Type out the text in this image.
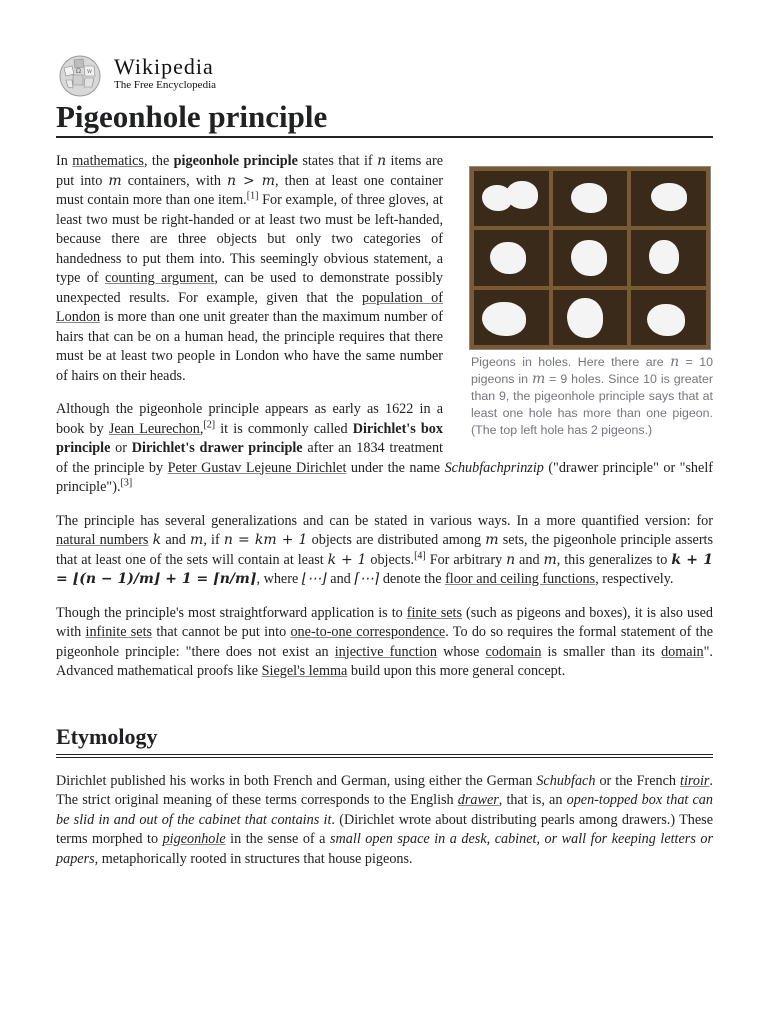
Ω W Wikipedia
The Free Encyclopedia
Pigeonhole principle
Pigeons in holes. Here there are n = 10 pigeons in m = 9 holes. Since 10 is greater than 9, the pigeonhole principle says that at least one hole has more than one pigeon. (The top left hole has 2 pigeons.)

In mathematics, the pigeonhole principle states that if n items are put into m containers, with n > m, then at least one container must contain more than one item.[1] For example, of three gloves, at least two must be right-handed or at least two must be left-handed, because there are three objects but only two categories of handedness to put them into. This seemingly obvious statement, a type of counting argument, can be used to demonstrate possibly unexpected results. For example, given that the population of London is more than one unit greater than the maximum number of hairs that can be on a human head, the principle requires that there must be at least two people in London who have the same number of hairs on their heads.

Although the pigeonhole principle appears as early as 1622 in a book by Jean Leurechon,[2] it is commonly called Dirichlet's box principle or Dirichlet's drawer principle after an 1834 treatment of the principle by Peter Gustav Lejeune Dirichlet under the name Schubfachprinzip ("drawer principle" or "shelf principle").[3]

The principle has several generalizations and can be stated in various ways. In a more quantified version: for natural numbers k and m, if n = km + 1 objects are distributed among m sets, the pigeonhole principle asserts that at least one of the sets will contain at least k + 1 objects.[4] For arbitrary n and m, this generalizes to k + 1 = ⌊(n − 1)/m⌋ + 1 = ⌈n/m⌉, where ⌊⋯⌋ and ⌈⋯⌉ denote the floor and ceiling functions, respectively.

Though the principle's most straightforward application is to finite sets (such as pigeons and boxes), it is also used with infinite sets that cannot be put into one-to-one correspondence. To do so requires the formal statement of the pigeonhole principle: "there does not exist an injective function whose codomain is smaller than its domain". Advanced mathematical proofs like Siegel's lemma build upon this more general concept.

Etymology

Dirichlet published his works in both French and German, using either the German Schubfach or the French tiroir. The strict original meaning of these terms corresponds to the English drawer, that is, an open-topped box that can be slid in and out of the cabinet that contains it. (Dirichlet wrote about distributing pearls among drawers.) These terms morphed to pigeonhole in the sense of a small open space in a desk, cabinet, or wall for keeping letters or papers, metaphorically rooted in structures that house pigeons.
